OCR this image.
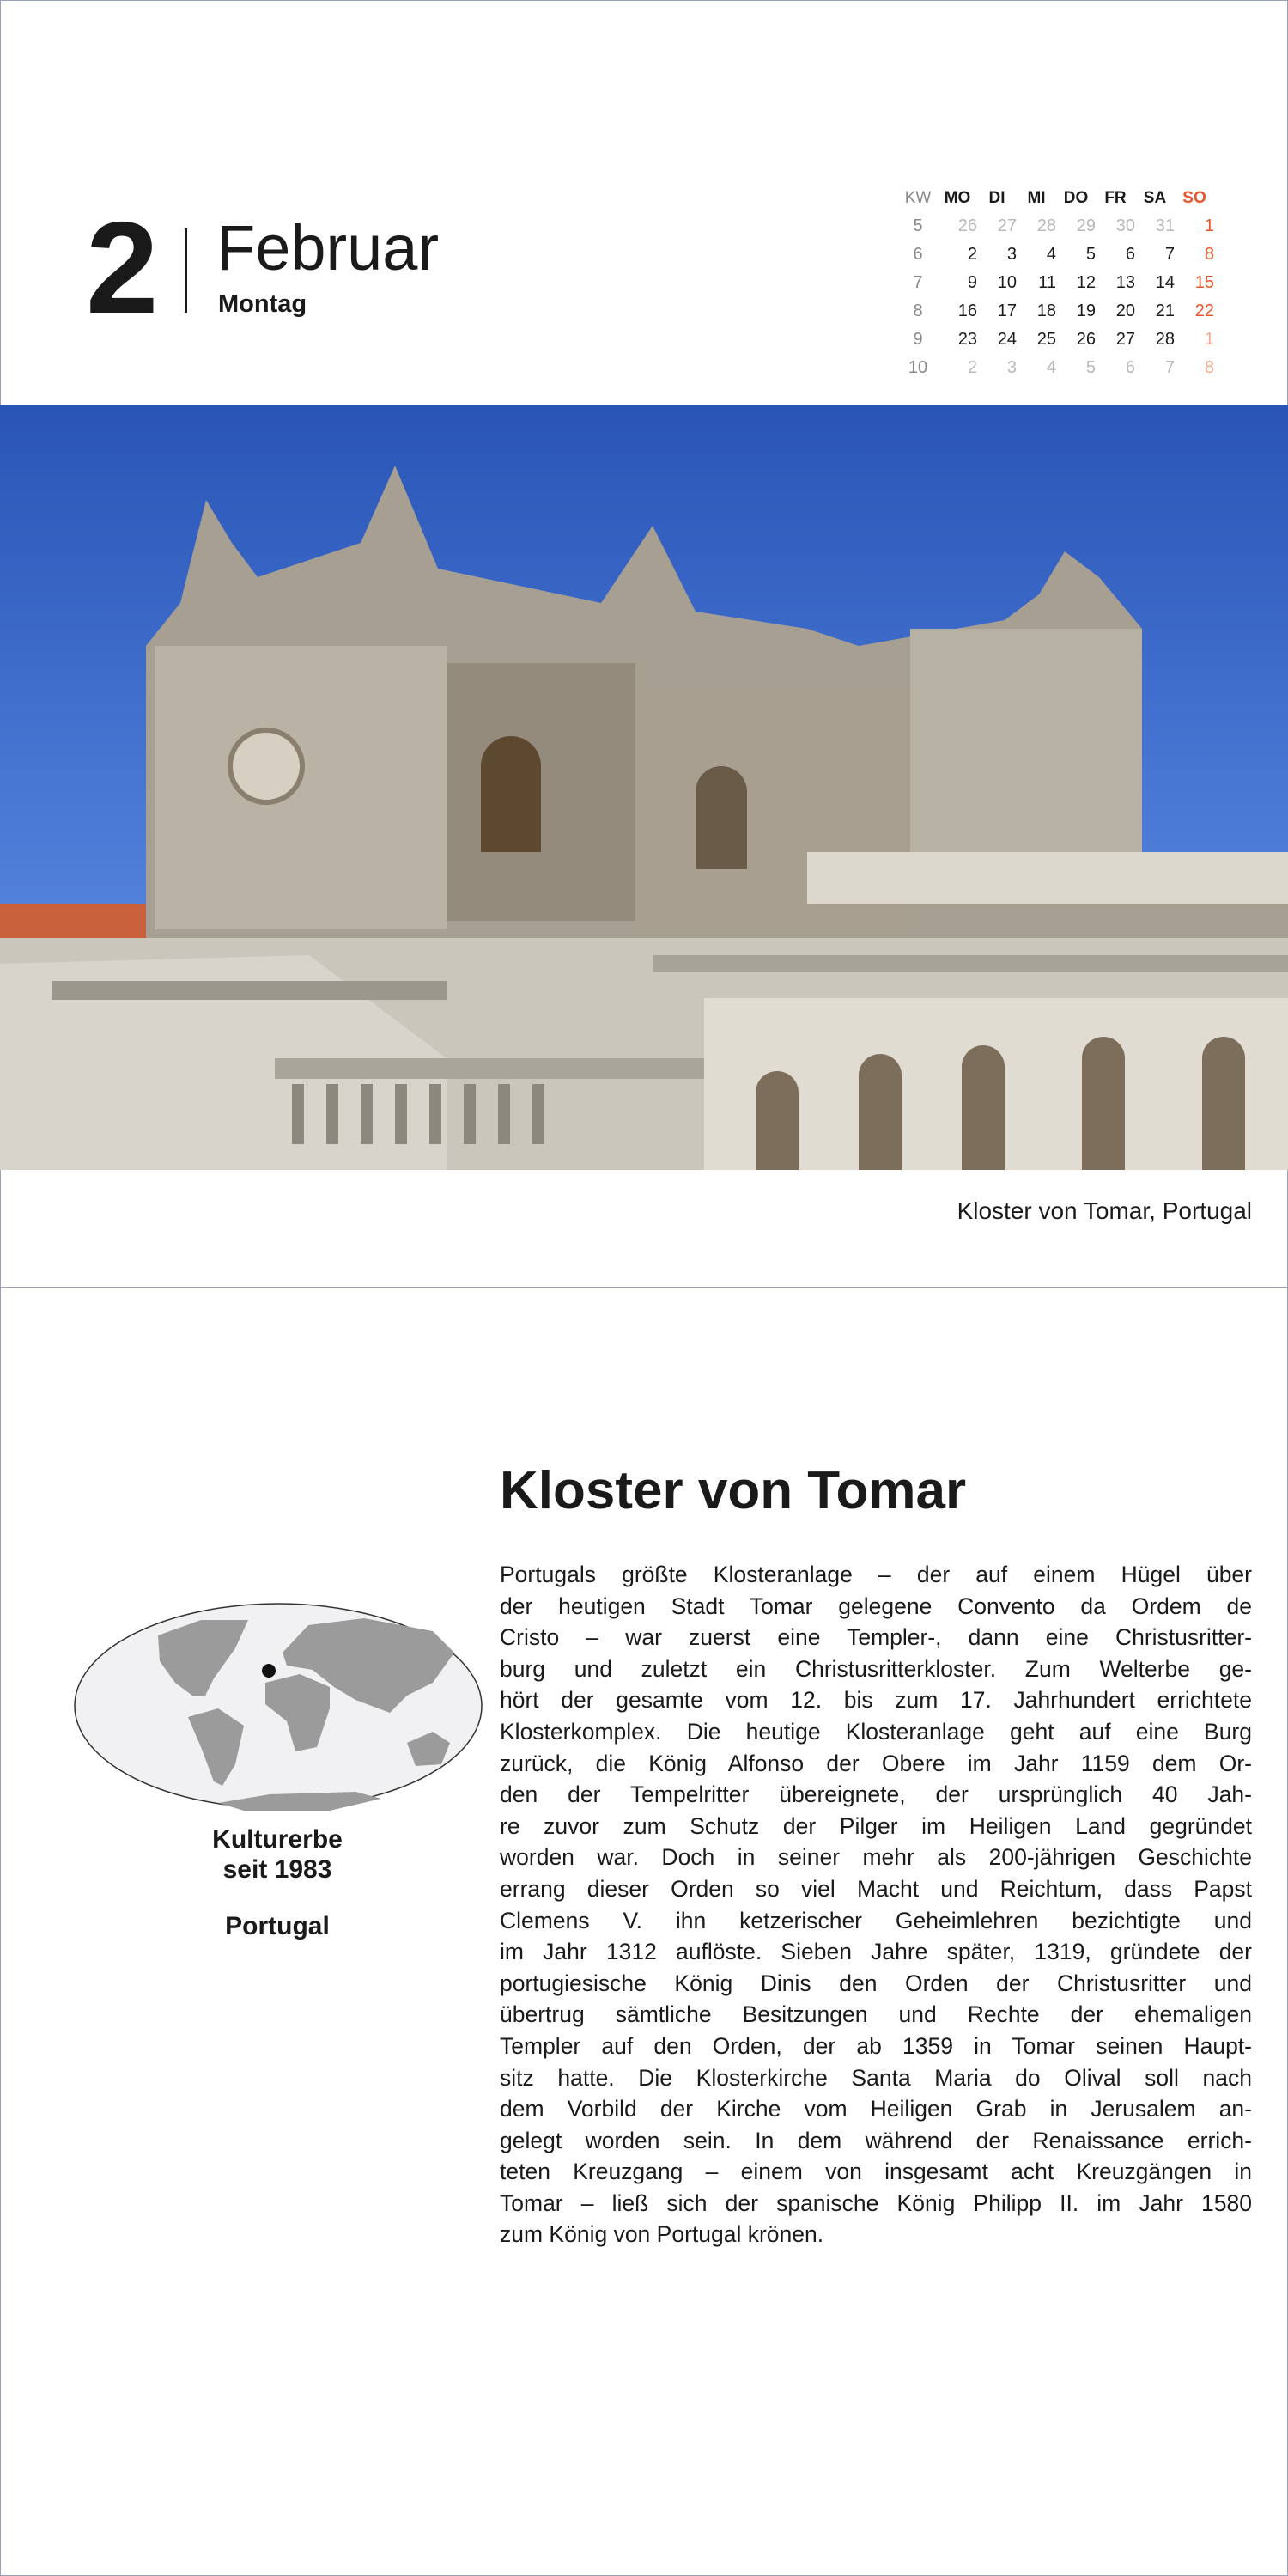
2 Februar
Montag
KW	MO	DI	MI	DO	FR	SA	SO
5	26	27	28	29	30	31	1
6	2	3	4	5	6	7	8
7	9	10	11	12	13	14	15
8	16	17	18	19	20	21	22
9	23	24	25	26	27	28	1
10	2	3	4	5	6	7	8
Kloster von Tomar, Portugal
Kloster von Tomar
Kulturerbe
seit 1983
Portugal
Portugals größte Klosteranlage – der auf einem Hügel über
der heutigen Stadt Tomar gelegene Convento da Ordem de
Cristo – war zuerst eine Templer-, dann eine Christusritter-
burg und zuletzt ein Christusritterkloster. Zum Welterbe ge-
hört der gesamte vom 12. bis zum 17. Jahrhundert errichtete
Klosterkomplex. Die heutige Klosteranlage geht auf eine Burg
zurück, die König Alfonso der Obere im Jahr 1159 dem Or-
den der Tempelritter übereignete, der ursprünglich 40 Jah-
re zuvor zum Schutz der Pilger im Heiligen Land gegründet
worden war. Doch in seiner mehr als 200-jährigen Geschichte
errang dieser Orden so viel Macht und Reichtum, dass Papst
Clemens V. ihn ketzerischer Geheimlehren bezichtigte und
im Jahr 1312 auflöste. Sieben Jahre später, 1319, gründete der
portugiesische König Dinis den Orden der Christusritter und
übertrug sämtliche Besitzungen und Rechte der ehemaligen
Templer auf den Orden, der ab 1359 in Tomar seinen Haupt-
sitz hatte. Die Klosterkirche Santa Maria do Olival soll nach
dem Vorbild der Kirche vom Heiligen Grab in Jerusalem an-
gelegt worden sein. In dem während der Renaissance errich-
teten Kreuzgang – einem von insgesamt acht Kreuzgängen in
Tomar – ließ sich der spanische König Philipp II. im Jahr 1580
zum König von Portugal krönen.
